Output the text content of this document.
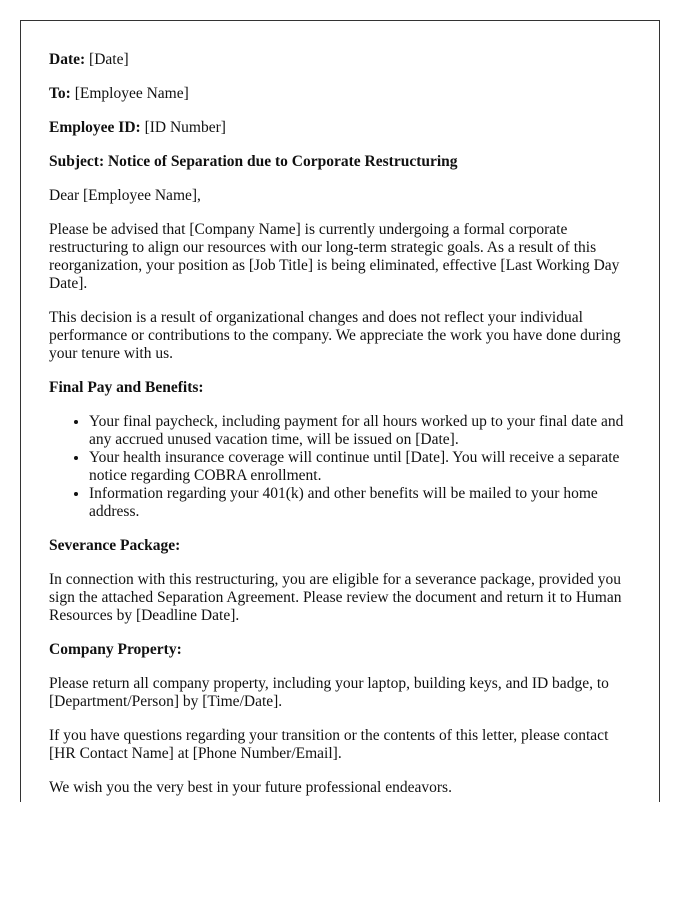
Date: [Date]

To: [Employee Name]

Employee ID: [ID Number]

Subject: Notice of Separation due to Corporate Restructuring

Dear [Employee Name],

Please be advised that [Company Name] is currently undergoing a formal corporate restructuring to align our resources with our long-term strategic goals. As a result of this reorganization, your position as [Job Title] is being eliminated, effective [Last Working Day Date].

This decision is a result of organizational changes and does not reflect your individual performance or contributions to the company. We appreciate the work you have done during your tenure with us.

Final Pay and Benefits:

• Your final paycheck, including payment for all hours worked up to your final date and any accrued unused vacation time, will be issued on [Date].
• Your health insurance coverage will continue until [Date]. You will receive a separate notice regarding COBRA enrollment.
• Information regarding your 401(k) and other benefits will be mailed to your home address.

Severance Package:

In connection with this restructuring, you are eligible for a severance package, provided you sign the attached Separation Agreement. Please review the document and return it to Human Resources by [Deadline Date].

Company Property:

Please return all company property, including your laptop, building keys, and ID badge, to [Department/Person] by [Time/Date].

If you have questions regarding your transition or the contents of this letter, please contact [HR Contact Name] at [Phone Number/Email].

We wish you the very best in your future professional endeavors.
